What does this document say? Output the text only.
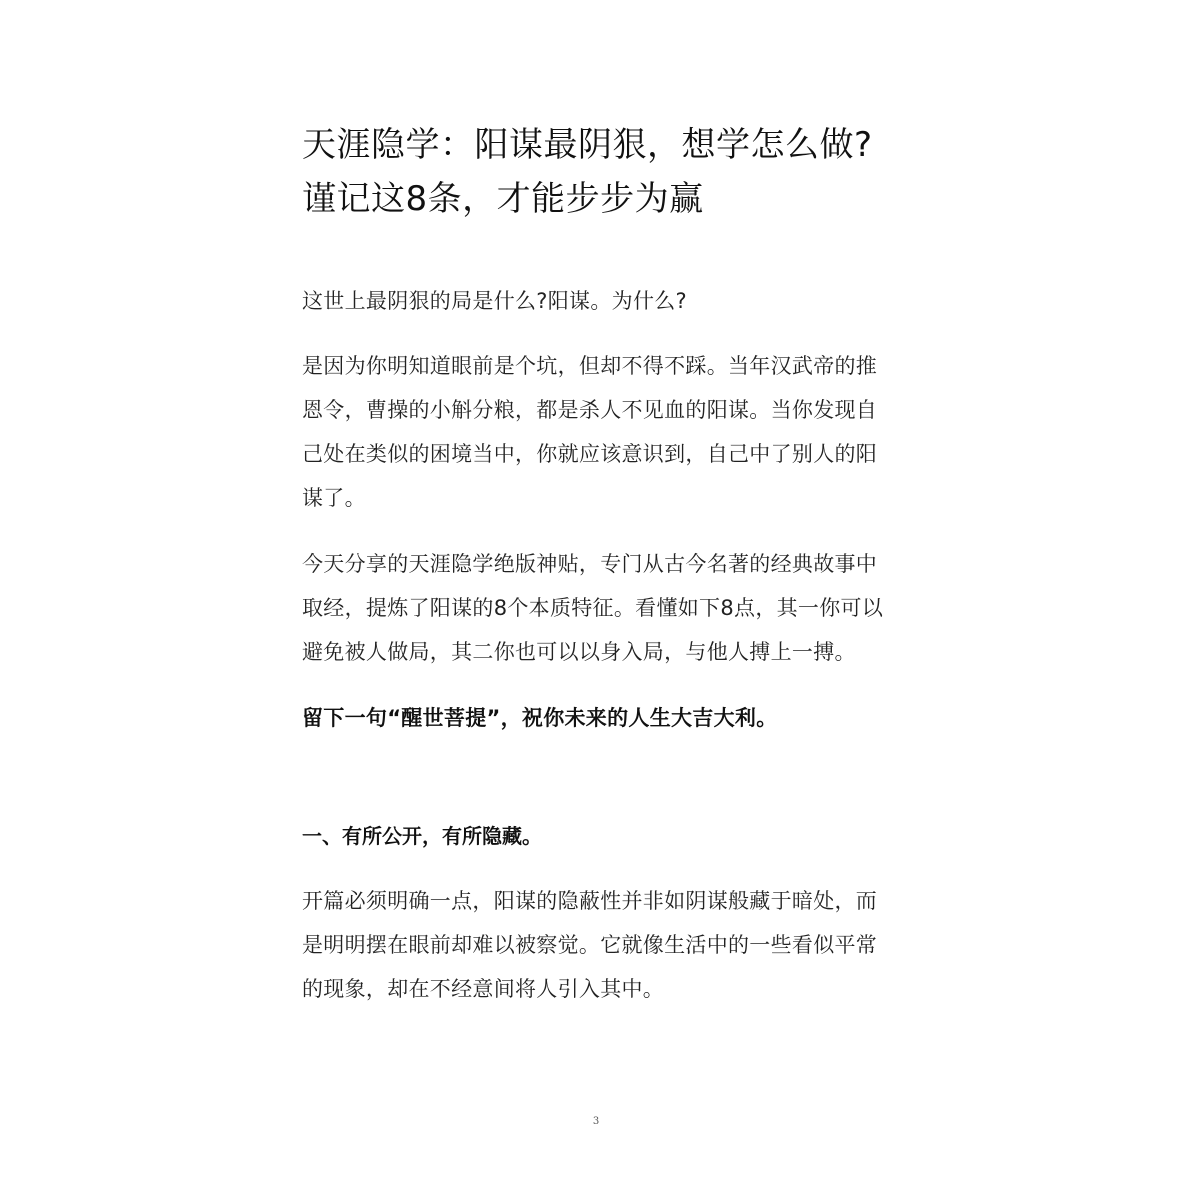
天涯隐学：阳谋最阴狠，想学怎么做?谨记这8条，才能步步为赢

这世上最阴狠的局是什么?阳谋。为什么?

是因为你明知道眼前是个坑，但却不得不踩。当年汉武帝的推恩令，曹操的小斛分粮，都是杀人不见血的阳谋。当你发现自己处在类似的困境当中，你就应该意识到，自己中了别人的阳谋了。

今天分享的天涯隐学绝版神贴，专门从古今名著的经典故事中取经，提炼了阳谋的8个本质特征。看懂如下8点，其一你可以避免被人做局，其二你也可以以身入局，与他人搏上一搏。

留下一句“醒世菩提”，祝你未来的人生大吉大利。

一、有所公开，有所隐藏。

开篇必须明确一点，阳谋的隐蔽性并非如阴谋般藏于暗处，而是明明摆在眼前却难以被察觉。它就像生活中的一些看似平常的现象，却在不经意间将人引入其中。

3
